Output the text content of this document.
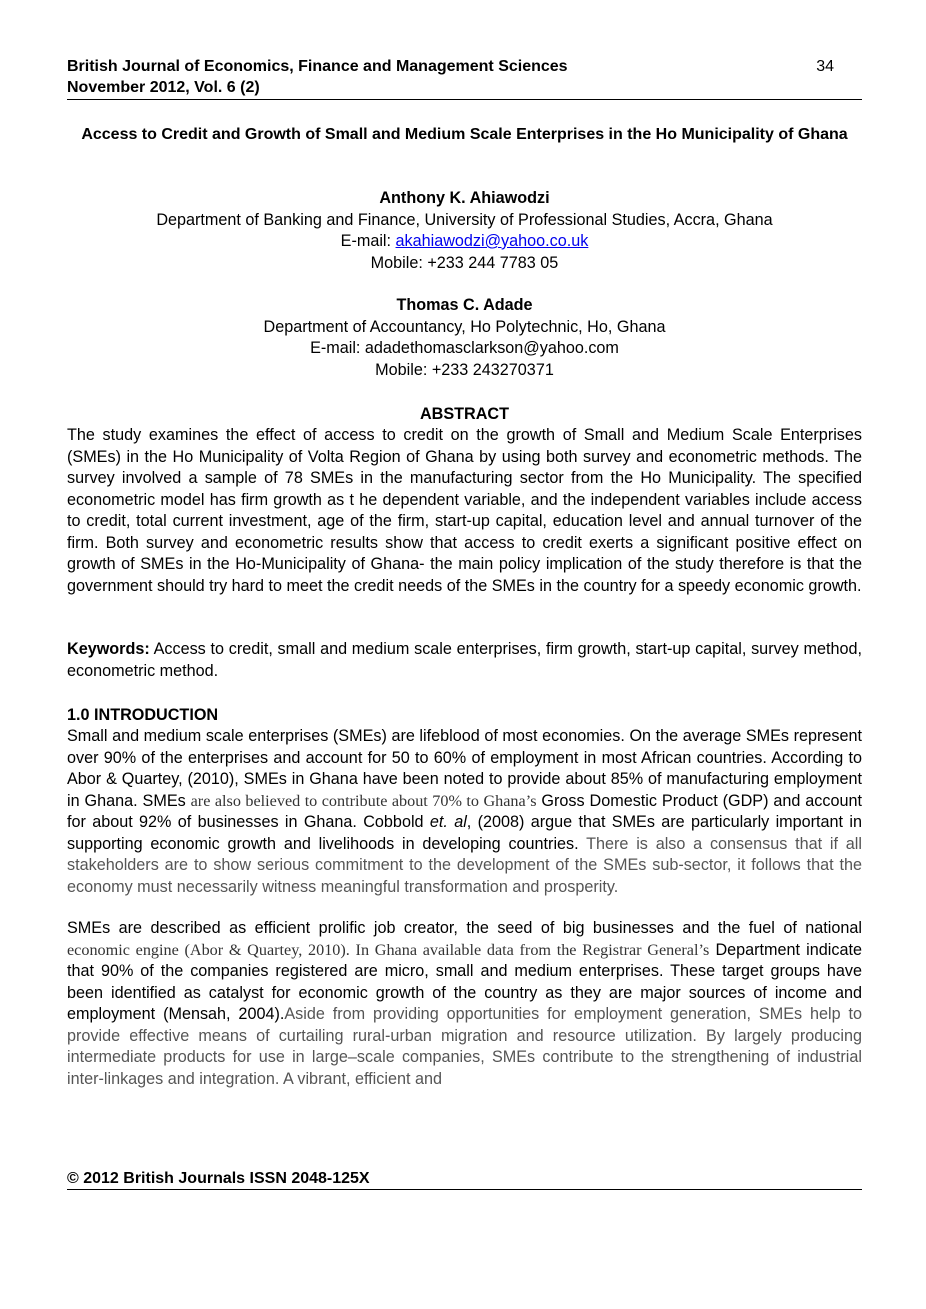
British Journal of Economics, Finance and Management Sciences
November 2012, Vol. 6 (2)
34
Access to Credit and Growth of Small and Medium Scale Enterprises in the Ho Municipality of Ghana
Anthony K. Ahiawodzi
Department of Banking and Finance, University of Professional Studies, Accra, Ghana
E-mail: akahiawodzi@yahoo.co.uk
Mobile: +233 244 7783 05
Thomas C. Adade
Department of Accountancy, Ho Polytechnic, Ho, Ghana
E-mail: adadethomasclarkson@yahoo.com
Mobile: +233 243270371
ABSTRACT
The study examines the effect of access to credit on the growth of Small and Medium Scale Enterprises (SMEs) in the Ho Municipality of Volta Region of Ghana by using both survey and econometric methods. The survey involved a sample of 78 SMEs in the manufacturing sector from the Ho Municipality. The specified econometric model has firm growth as t he dependent variable, and the independent variables include access to credit, total current investment, age of the firm, start-up capital, education level and annual turnover of the firm. Both survey and econometric results show that access to credit exerts a significant positive effect on growth of SMEs in the Ho-Municipality of Ghana- the main policy implication of the study therefore is that the government should try hard to meet the credit needs of the SMEs in the country for a speedy economic growth.
Keywords: Access to credit, small and medium scale enterprises, firm growth, start-up capital, survey method, econometric method.
1.0 INTRODUCTION
Small and medium scale enterprises (SMEs) are lifeblood of most economies. On the average SMEs represent over 90% of the enterprises and account for 50 to 60% of employment in most African countries. According to Abor & Quartey, (2010), SMEs in Ghana have been noted to provide about 85% of manufacturing employment in Ghana. SMEs are also believed to contribute about 70% to Ghana’s Gross Domestic Product (GDP) and account for about 92% of businesses in Ghana. Cobbold et. al, (2008) argue that SMEs are particularly important in supporting economic growth and livelihoods in developing countries. There is also a consensus that if all stakeholders are to show serious commitment to the development of the SMEs sub-sector, it follows that the economy must necessarily witness meaningful transformation and prosperity.
SMEs are described as efficient prolific job creator, the seed of big businesses and the fuel of national economic engine (Abor & Quartey, 2010). In Ghana available data from the Registrar General’s Department indicate that 90% of the companies registered are micro, small and medium enterprises. These target groups have been identified as catalyst for economic growth of the country as they are major sources of income and employment (Mensah, 2004).Aside from providing opportunities for employment generation, SMEs help to provide effective means of curtailing rural-urban migration and resource utilization. By largely producing intermediate products for use in large–scale companies, SMEs contribute to the strengthening of industrial inter-linkages and integration. A vibrant, efficient and
© 2012 British Journals ISSN 2048-125X
